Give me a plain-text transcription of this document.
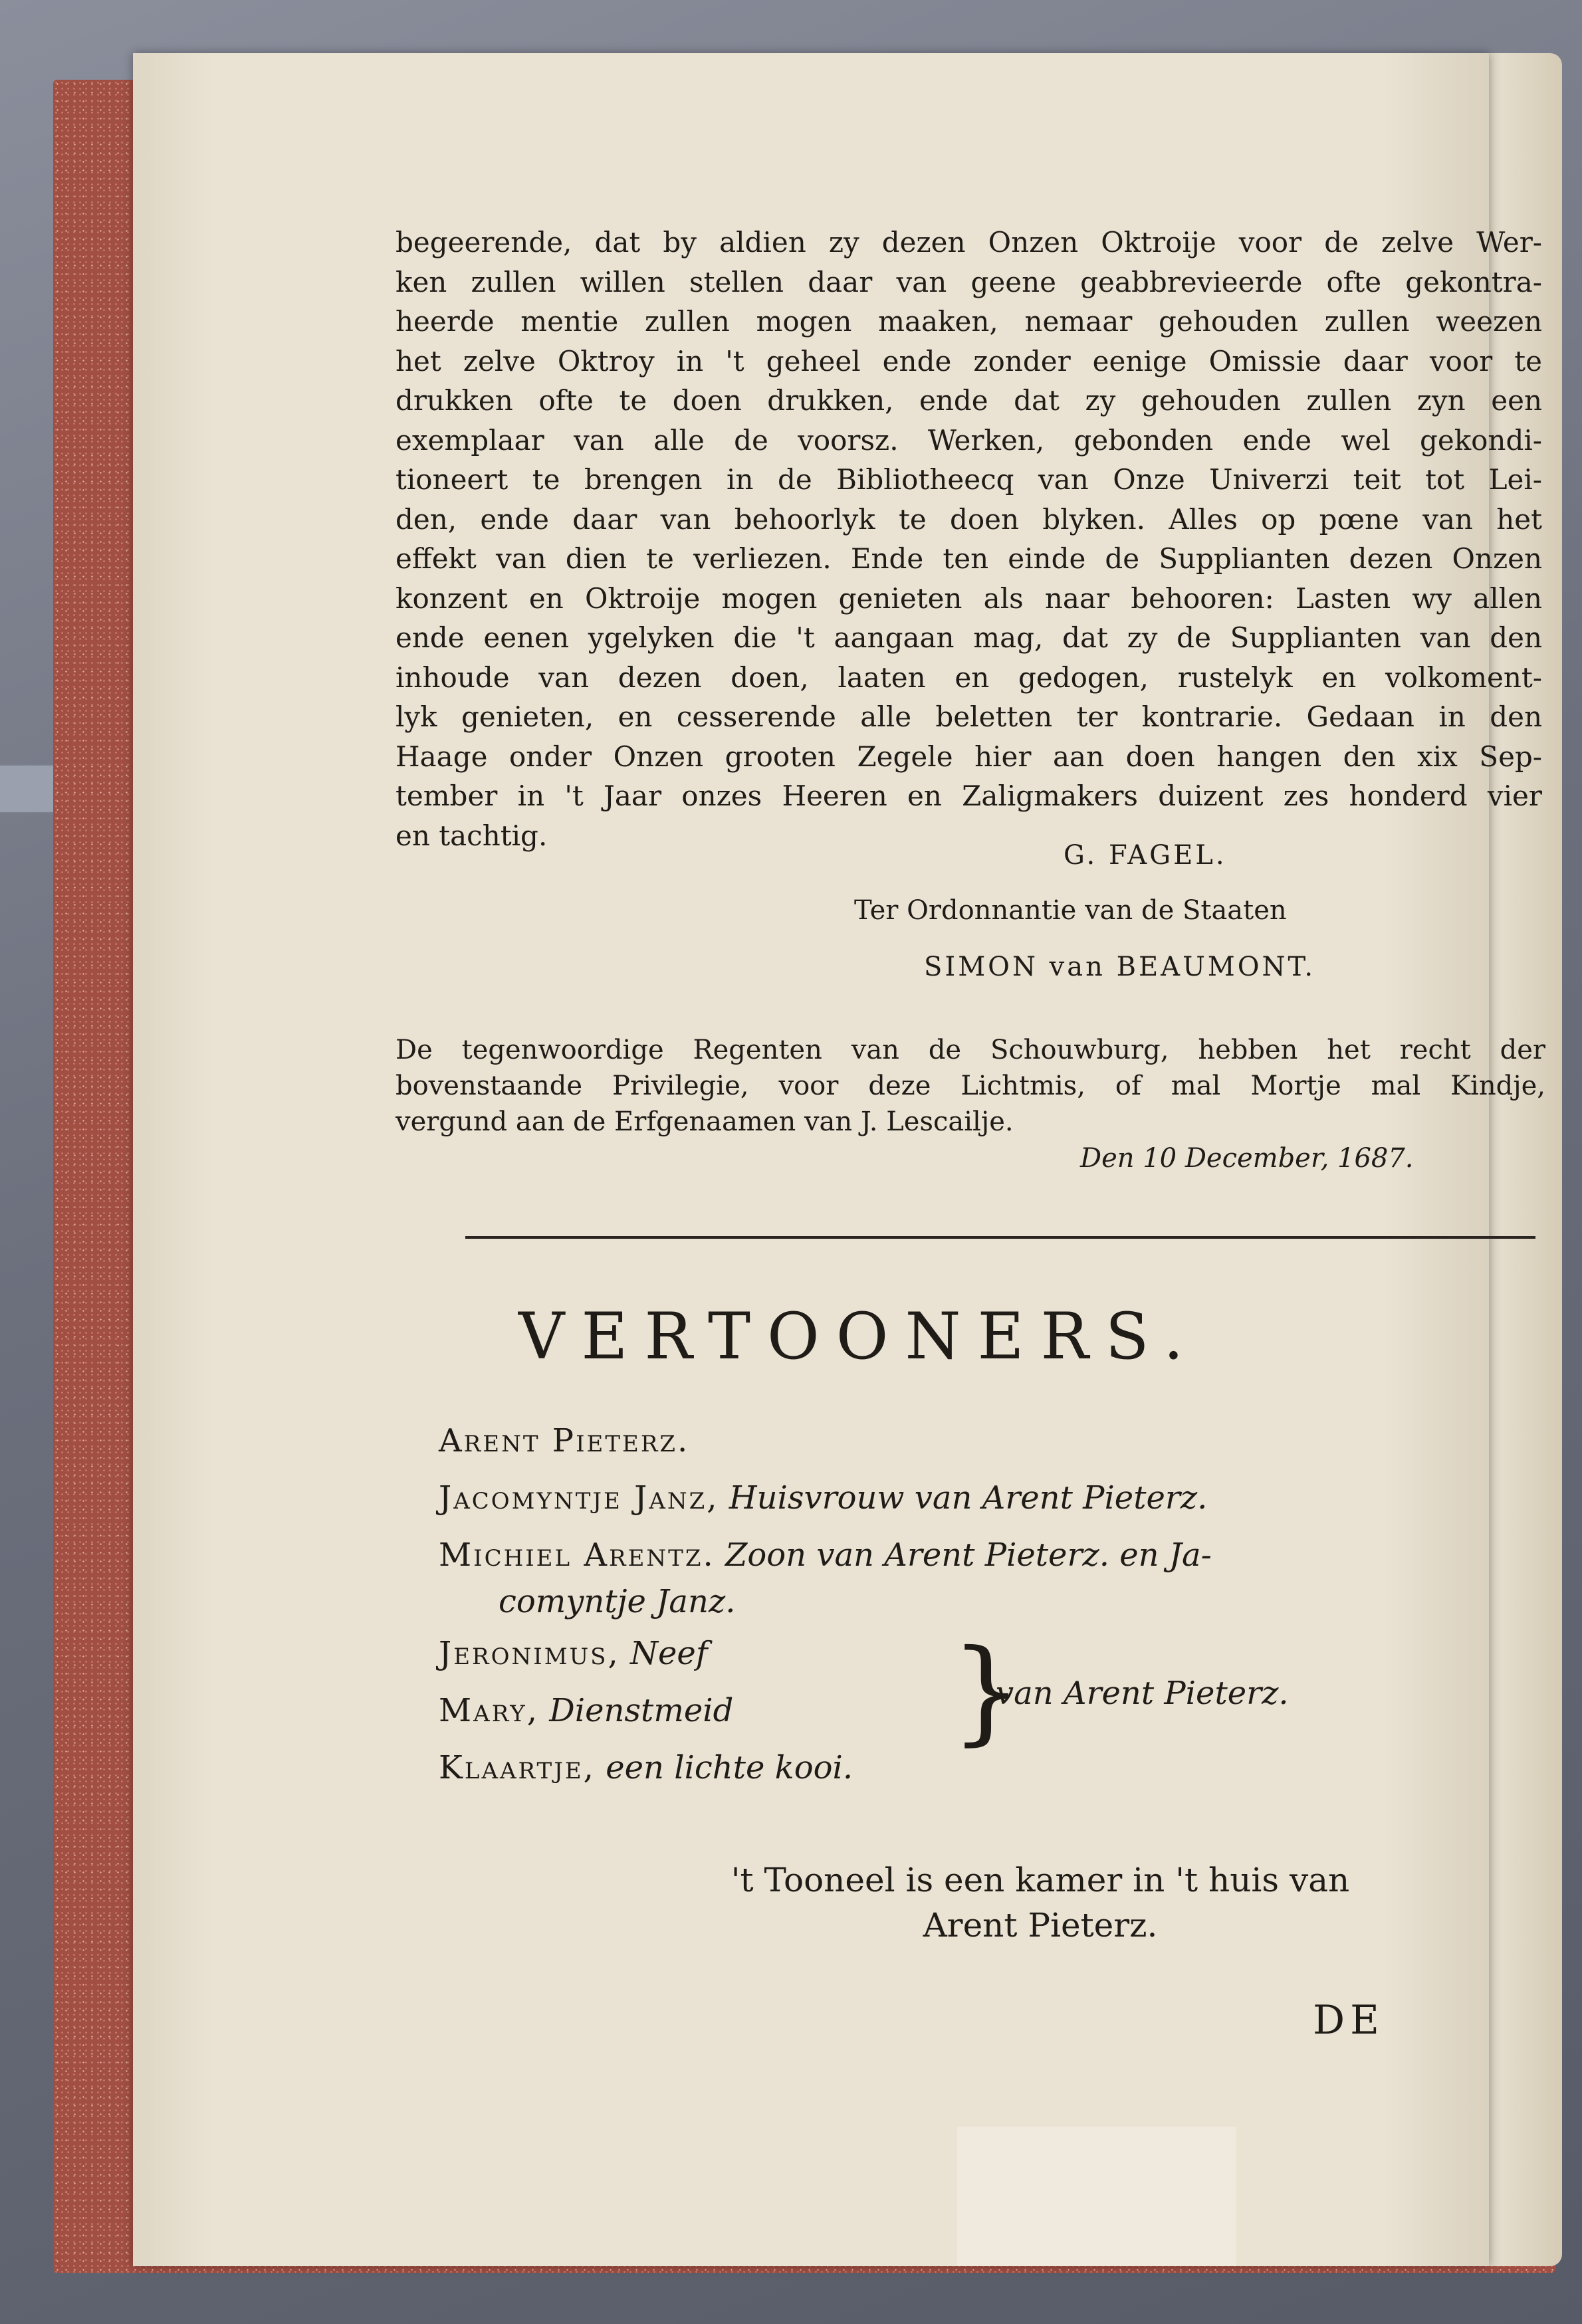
begeerende, dat by aldien zy dezen Onzen Oktroije voor de zelve Wer-
ken zullen willen stellen daar van geene geabbrevieerde ofte gekontra-
heerde mentie zullen mogen maaken, nemaar gehouden zullen weezen
het zelve Oktroy in 't geheel ende zonder eenige Omissie daar voor te
drukken ofte te doen drukken, ende dat zy gehouden zullen zyn een
exemplaar van alle de voorsz. Werken, gebonden ende wel gekondi-
tioneert te brengen in de Bibliotheecq van Onze Univerzi teit tot Lei-
den, ende daar van behoorlyk te doen blyken. Alles op pœne van het
effekt van dien te verliezen. Ende ten einde de Supplianten dezen Onzen
konzent en Oktroije mogen genieten als naar behooren: Lasten wy allen
ende eenen ygelyken die 't aangaan mag, dat zy de Supplianten van den
inhoude van dezen doen, laaten en gedogen, rustelyk en volkoment-
lyk genieten, en cesserende alle beletten ter kontrarie. Gedaan in den
Haage onder Onzen grooten Zegele hier aan doen hangen den xix Sep-
tember in 't Jaar onzes Heeren en Zaligmakers duizent zes honderd vier
en tachtig.
G. FAGEL.
Ter Ordonnantie van de Staaten
SIMON van BEAUMONT.
De tegenwoordige Regenten van de Schouwburg, hebben het recht der
bovenstaande Privilegie, voor deze Lichtmis, of mal Mortje mal Kindje,
vergund aan de Erfgenaamen van J. Lescailje.
Den 10 December, 1687.
VERTOONERS.
Arent Pieterz.
Jacomyntje Janz, Huisvrouw van Arent Pieterz.
Michiel Arentz. Zoon van Arent Pieterz. en Ja-
comyntje Janz.
Jeronimus, Neef
Mary, Dienstmeid
Klaartje, een lichte kooi.
}
van Arent Pieterz.
't Tooneel is een kamer in 't huis van
Arent Pieterz.
DE
